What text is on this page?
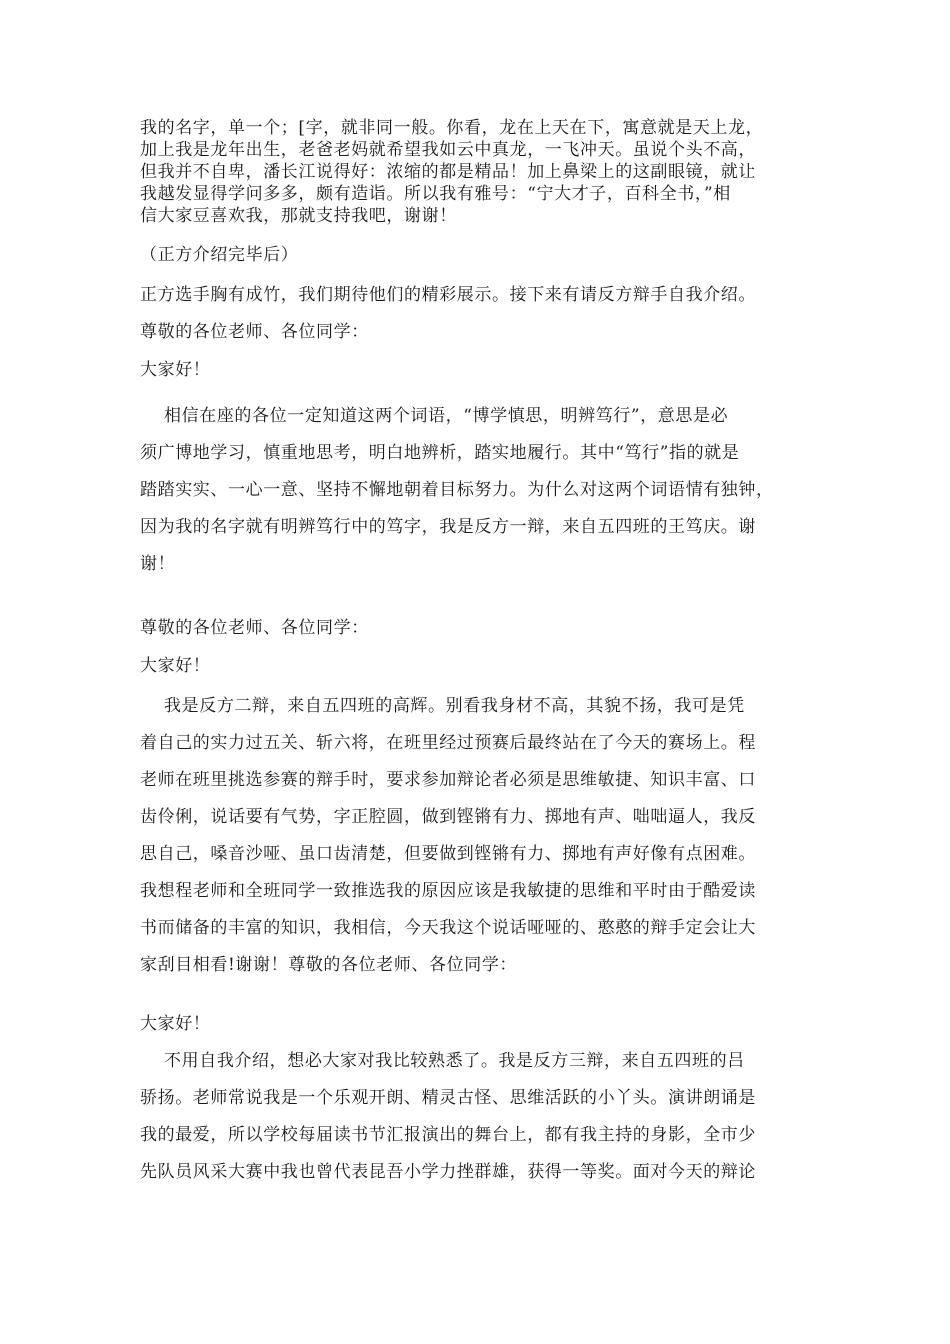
我的名字，单一个；[字，就非同一般。你看，龙在上天在下，寓意就是天上龙，
加上我是龙年出生，老爸老妈就希望我如云中真龙，一飞冲天。虽说个头不高，
但我并不自卑，潘长江说得好：浓缩的都是精品！加上鼻梁上的这副眼镜，就让
我越发显得学问多多，颇有造诣。所以我有雅号：“宁大才子，百科全书，”相
信大家豆喜欢我，那就支持我吧，谢谢！

（正方介绍完毕后）

正方选手胸有成竹，我们期待他们的精彩展示。接下来有请反方辩手自我介绍。

尊敬的各位老师、各位同学：

大家好！

相信在座的各位一定知道这两个词语，“博学慎思，明辨笃行”，意思是必
须广博地学习，慎重地思考，明白地辨析，踏实地履行。其中“笃行”指的就是
踏踏实实、一心一意、坚持不懈地朝着目标努力。为什么对这两个词语情有独钟，
因为我的名字就有明辨笃行中的笃字，我是反方一辩，来自五四班的王笃庆。谢
谢！

尊敬的各位老师、各位同学：

大家好！

我是反方二辩，来自五四班的高辉。别看我身材不高，其貌不扬，我可是凭
着自己的实力过五关、斩六将，在班里经过预赛后最终站在了今天的赛场上。程
老师在班里挑选参赛的辩手时，要求参加辩论者必须是思维敏捷、知识丰富、口
齿伶俐，说话要有气势，字正腔圆，做到铿锵有力、掷地有声、咄咄逼人，我反
思自己，嗓音沙哑、虽口齿清楚，但要做到铿锵有力、掷地有声好像有点困难。
我想程老师和全班同学一致推选我的原因应该是我敏捷的思维和平时由于酷爱读
书而储备的丰富的知识，我相信，今天我这个说话哑哑的、憨憨的辩手定会让大
家刮目相看!谢谢！尊敬的各位老师、各位同学：

大家好！

不用自我介绍，想必大家对我比较熟悉了。我是反方三辩，来自五四班的吕
骄扬。老师常说我是一个乐观开朗、精灵古怪、思维活跃的小丫头。演讲朗诵是
我的最爱，所以学校每届读书节汇报演出的舞台上，都有我主持的身影，全市少
先队员风采大赛中我也曾代表昆吾小学力挫群雄，获得一等奖。面对今天的辩论
